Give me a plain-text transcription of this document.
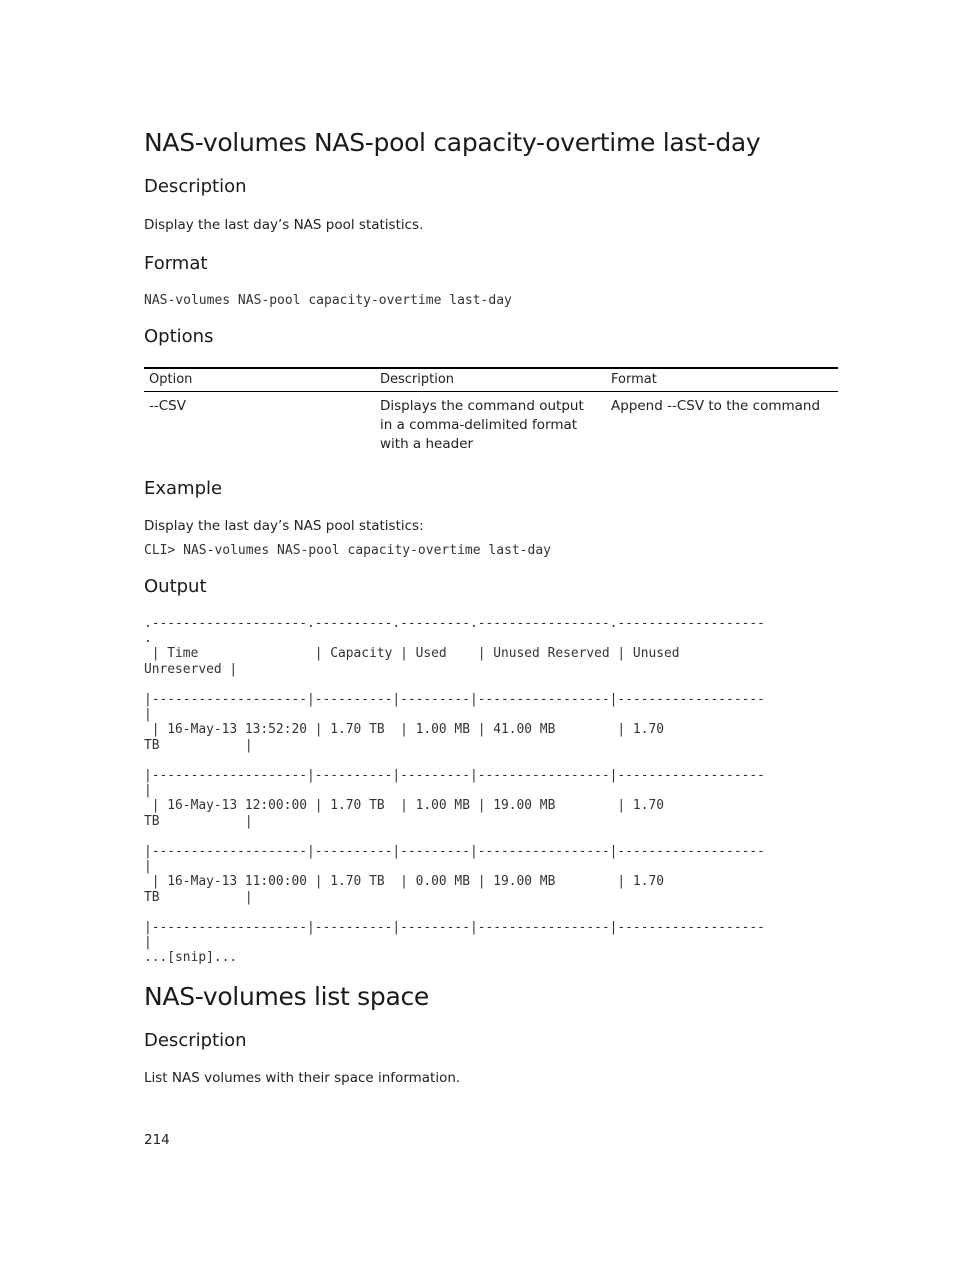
NAS-volumes NAS-pool capacity-overtime last-day
Description
Display the last day’s NAS pool statistics.
Format
NAS-volumes NAS-pool capacity-overtime last-day
Options
Option	Description	Format
--CSV	Displays the command output in a comma-delimited format with a header	Append --CSV to the command
Example
Display the last day’s NAS pool statistics:
CLI> NAS-volumes NAS-pool capacity-overtime last-day
Output
.--------------------.----------.---------.-----------------.-------------------
.
| Time               | Capacity | Used    | Unused Reserved | Unused
Unreserved |

|--------------------|----------|---------|-----------------|-------------------
|
| 16-May-13 13:52:20 | 1.70 TB  | 1.00 MB | 41.00 MB        | 1.70
TB           |

|--------------------|----------|---------|-----------------|-------------------
|
| 16-May-13 12:00:00 | 1.70 TB  | 1.00 MB | 19.00 MB        | 1.70
TB           |

|--------------------|----------|---------|-----------------|-------------------
|
| 16-May-13 11:00:00 | 1.70 TB  | 0.00 MB | 19.00 MB        | 1.70
TB           |

|--------------------|----------|---------|-----------------|-------------------
|
...[snip]...
NAS-volumes list space
Description
List NAS volumes with their space information.
214
